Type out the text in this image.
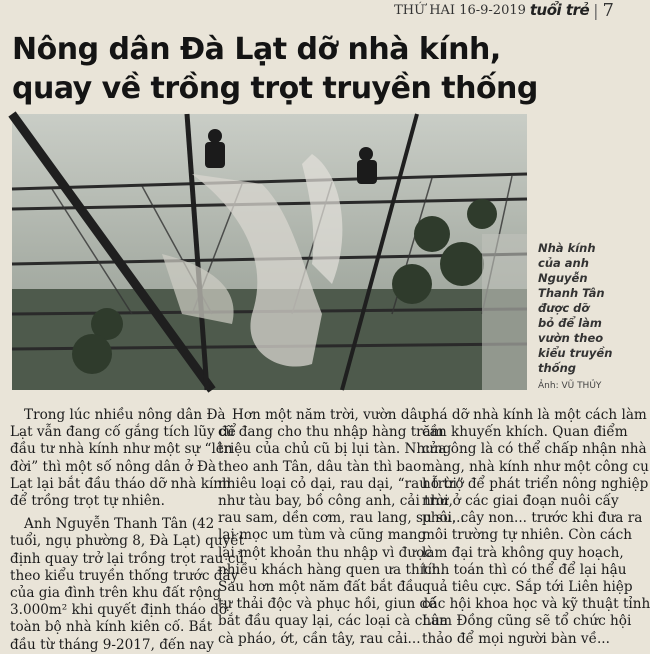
THỨ HAI 16-9-2019 tuổi trẻ | 7
Nông dân Đà Lạt dỡ nhà kính,
quay về trồng trọt truyền thống
Nhà kính
của anh
Nguyễn
Thanh Tân
được dỡ
bỏ để làm
vườn theo
kiểu truyền
thống
Ảnh: VŨ THỦY

Trong lúc nhiều nông dân Đà

Lạt vẫn đang cố gắng tích lũy để

đầu tư nhà kính như một sự “lên

đời” thì một số nông dân ở Đà

Lạt lại bắt đầu tháo dỡ nhà kính

để trồng trọt tự nhiên.

Anh Nguyễn Thanh Tân (42

tuổi, ngụ phường 8, Đà Lạt) quyết

định quay trở lại trồng trọt rau củ

theo kiểu truyền thống trước đây

của gia đình trên khu đất rộng

3.000m² khi quyết định tháo dỡ

toàn bộ nhà kính kiên cố. Bắt

đầu từ tháng 9-2017, đến nay

Hơn một năm trời, vườn dâu

cũ đang cho thu nhập hàng trăm

triệu của chủ cũ bị lụi tàn. Nhưng

theo anh Tân, dâu tàn thì bao

nhiêu loại cỏ dại, rau dại, “rau trời”

như tàu bay, bồ công anh, cải trời,

rau sam, dền cơm, rau lang, su su...

lại mọc um tùm và cũng mang

lại một khoản thu nhập vì được

nhiều khách hàng quen ưa thích.

Sau hơn một năm đất bắt đầu

tự thải độc và phục hồi, giun dế

bắt đầu quay lại, các loại cà chua

cà pháo, ớt, cần tây, rau cải...

phá dỡ nhà kính là một cách làm

cần khuyến khích. Quan điểm

của ông là có thể chấp nhận nhà

màng, nhà kính như một công cụ

hỗ trợ để phát triển nông nghiệp

như ở các giai đoạn nuôi cấy

phôi, cây non... trước khi đưa ra

môi trường tự nhiên. Còn cách

làm đại trà không quy hoạch,

tính toán thì có thể để lại hậu

quả tiêu cực. Sắp tới Liên hiệp

các hội khoa học và kỹ thuật tỉnh

Lâm Đồng cũng sẽ tổ chức hội

thảo để mọi người bàn về...
